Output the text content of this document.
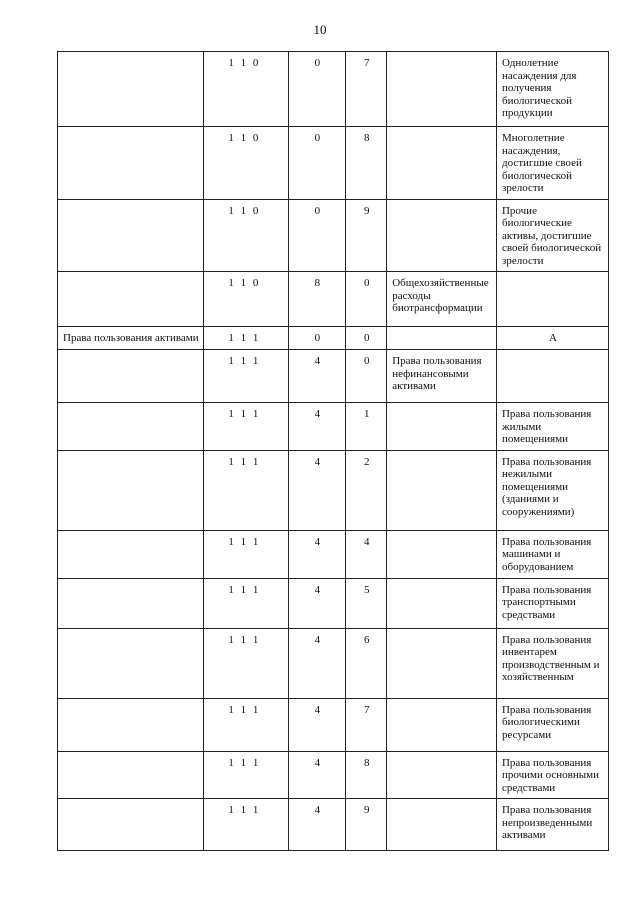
10
	1 1 0	0	7		Однолетние насаждения для получения биологической продукции
	1 1 0	0	8		Многолетние насаждения, достигшие своей биологической зрелости
	1 1 0	0	9		Прочие биологические активы, достигшие своей биологической зрелости
	1 1 0	8	0	Общехозяйственные расходы биотрансформации	
Права пользования активами	1 1 1	0	0		А
	1 1 1	4	0	Права пользования нефинансовыми активами	
	1 1 1	4	1		Права пользования жилыми помещениями
	1 1 1	4	2		Права пользования нежилыми помещениями (зданиями и сооружениями)
	1 1 1	4	4		Права пользования машинами и оборудованием
	1 1 1	4	5		Права пользования транспортными средствами
	1 1 1	4	6		Права пользования инвентарем производственным и хозяйственным
	1 1 1	4	7		Права пользования биологическими ресурсами
	1 1 1	4	8		Права пользования прочими основными средствами
	1 1 1	4	9		Права пользования непроизведенными активами
